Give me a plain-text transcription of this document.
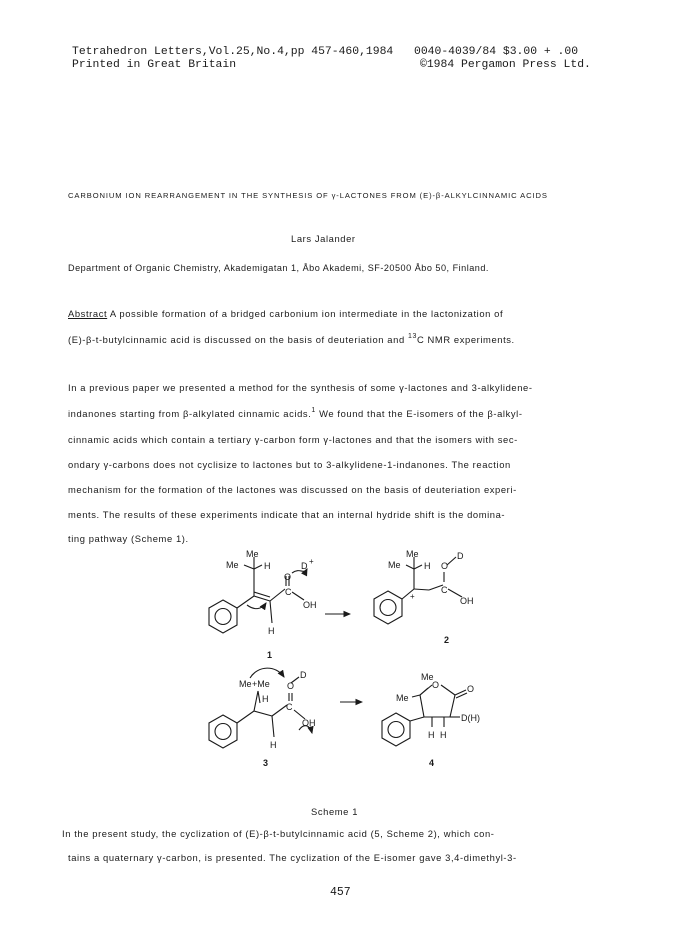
Tetrahedron Letters,Vol.25,No.4,pp 457-460,1984
Printed in Great Britain
0040-4039/84 $3.00 + .00
©1984 Pergamon Press Ltd.
CARBONIUM ION REARRANGEMENT IN THE SYNTHESIS OF γ-LACTONES FROM (E)-β-ALKYLCINNAMIC ACIDS
Lars Jalander
Department of Organic Chemistry, Akademigatan 1, Åbo Akademi, SF-20500 Åbo 50, Finland.
Abstract A possible formation of a bridged carbonium ion intermediate in the lactonization of
(E)-β-t-butylcinnamic acid is discussed on the basis of deuteriation and $^{13}$C NMR experiments.
In a previous paper we presented a method for the synthesis of some γ-lactones and 3-alkylidene-
indanones starting from β-alkylated cinnamic acids.$^1$ We found that the E-isomers of the β-alkyl-
cinnamic acids which contain a tertiary γ-carbon form γ-lactones and that the isomers with sec-
ondary γ-carbons does not cyclisize to lactones but to 3-alkylidene-1-indanones. The reaction
mechanism for the formation of the lactones was discussed on the basis of deuteriation experi-
ments. The results of these experiments indicate that an internal hydride shift is the domina-
ting pathway (Scheme 1).
Me
Me
H
O
D +
C
OH
H
1
Me
Me
H O
D
C
OH
+
2
Me +Me
H
O
D
C
OH
H
3
Me
Me
O	O
D(H)
H H
4
Scheme 1
In the present study, the cyclization of (E)-β-t-butylcinnamic acid (5, Scheme 2), which con-
tains a quaternary γ-carbon, is presented. The cyclization of the E-isomer gave 3,4-dimethyl-3-
457
